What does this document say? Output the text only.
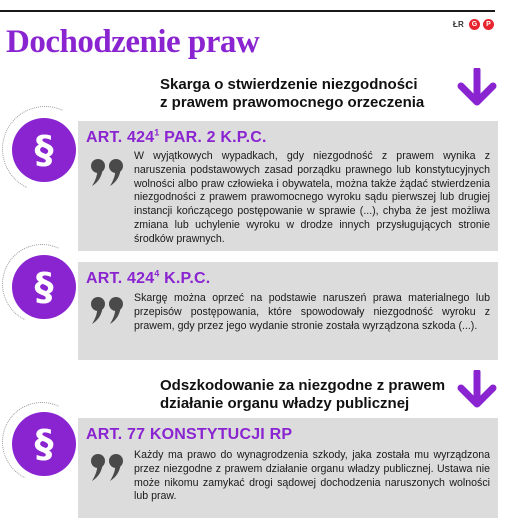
ŁR	G	P
Dochodzenie praw
Skarga o stwierdzenie niezgodności
z prawem prawomocnego orzeczenia
§	ART. $424^1$ PAR. 2 K.P.C.
W wyjątkowych wypadkach, gdy niezgodność z prawem wynika z naruszenia podstawowych zasad porządku prawnego lub konstytucyjnych wolności albo praw człowieka i obywatela, można także żądać stwierdzenia niezgodności z prawem prawomocnego wyroku sądu pierwszej lub drugiej instancji kończącego postępowanie w sprawie (...), chyba że jest możliwa zmiana lub uchylenie wyroku w drodze innych przysługujących stronie środków prawnych.
§	ART. $424^4$ K.P.C.
Skargę można oprzeć na podstawie naruszeń prawa materialnego lub przepisów postępowania, które spowodowały niezgodność wyroku z prawem, gdy przez jego wydanie stronie została wyrządzona szkoda (...).
Odszkodowanie za niezgodne z prawem
działanie organu władzy publicznej
§	ART. 77 KONSTYTUCJI RP
Każdy ma prawo do wynagrodzenia szkody, jaka została mu wyrządzona przez niezgodne z prawem działanie organu władzy publicznej. Ustawa nie może nikomu zamykać drogi sądowej dochodzenia naruszonych wolności lub praw.
